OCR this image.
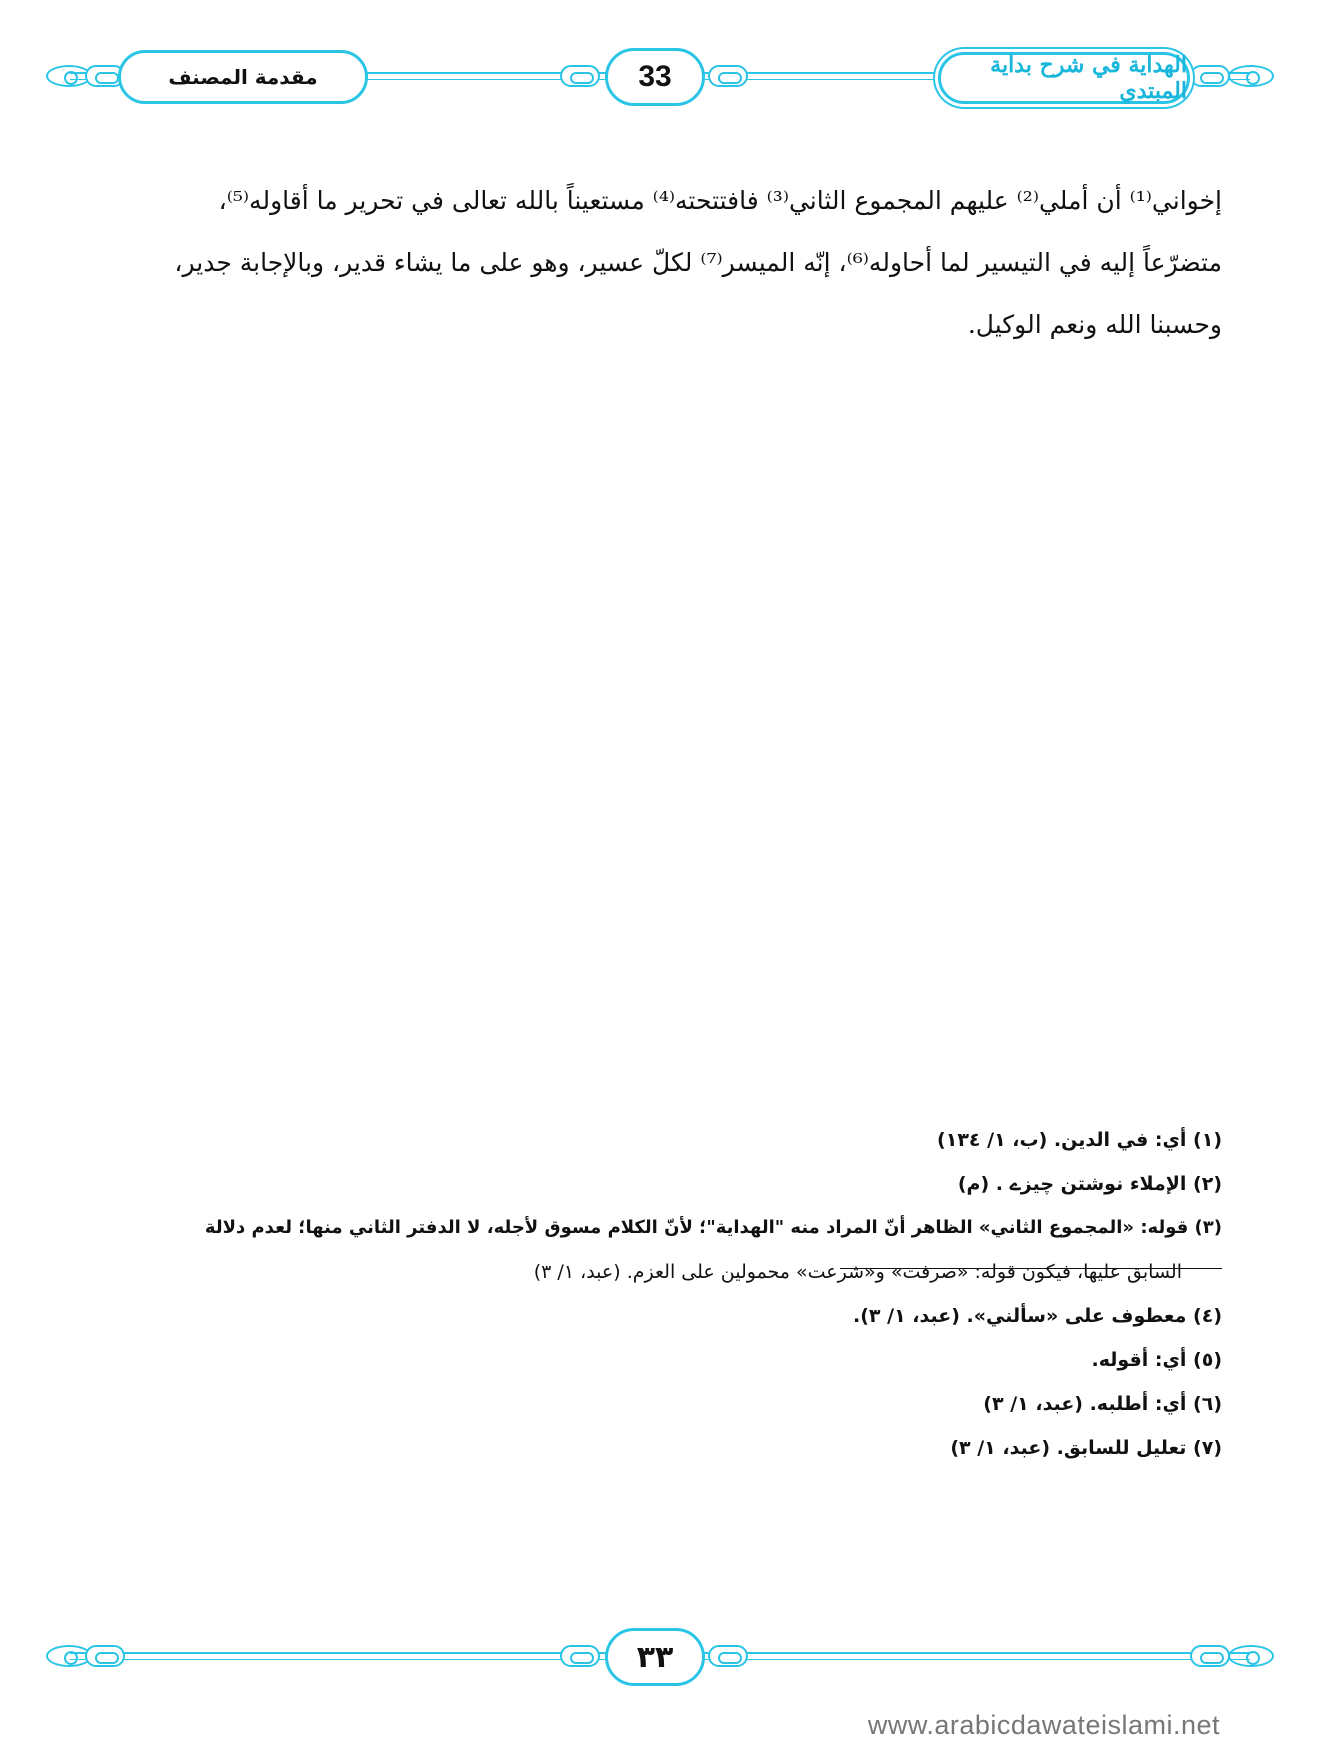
مقدمة المصنف	33	الهداية في شرح بداية المبتدي
إخواني⁽¹⁾ أن أملي⁽²⁾ عليهم المجموع الثاني⁽³⁾ فافتتحته⁽⁴⁾ مستعيناً بالله تعالى في تحرير ما أقاوله⁽⁵⁾،
متضرّعاً إليه في التيسير لما أحاوله⁽⁶⁾، إنّه الميسر⁽⁷⁾ لكلّ عسير، وهو على ما يشاء قدير، وبالإجابة جدير،
وحسبنا الله ونعم الوكيل.
(١) أي: في الدين. (ب، ١/ ١٣٤)
(٢) الإملاء نوشتن چيزے . (م)
(٣) قوله: «المجموع الثاني» الظاهر أنّ المراد منه "الهداية"؛ لأنّ الكلام مسوق لأجله، لا الدفتر الثاني منها؛ لعدم دلالة
السابق عليها، فيكون قوله: «صرفت» و«شرعت» محمولين على العزم. (عبد، ١/ ٣)
(٤) معطوف على «سألني». (عبد، ١/ ٣).
(٥) أي: أقوله.
(٦) أي: أطلبه. (عبد، ١/ ٣)
(٧) تعليل للسابق. (عبد، ١/ ٣)
٣٣
www.arabicdawateislami.net
